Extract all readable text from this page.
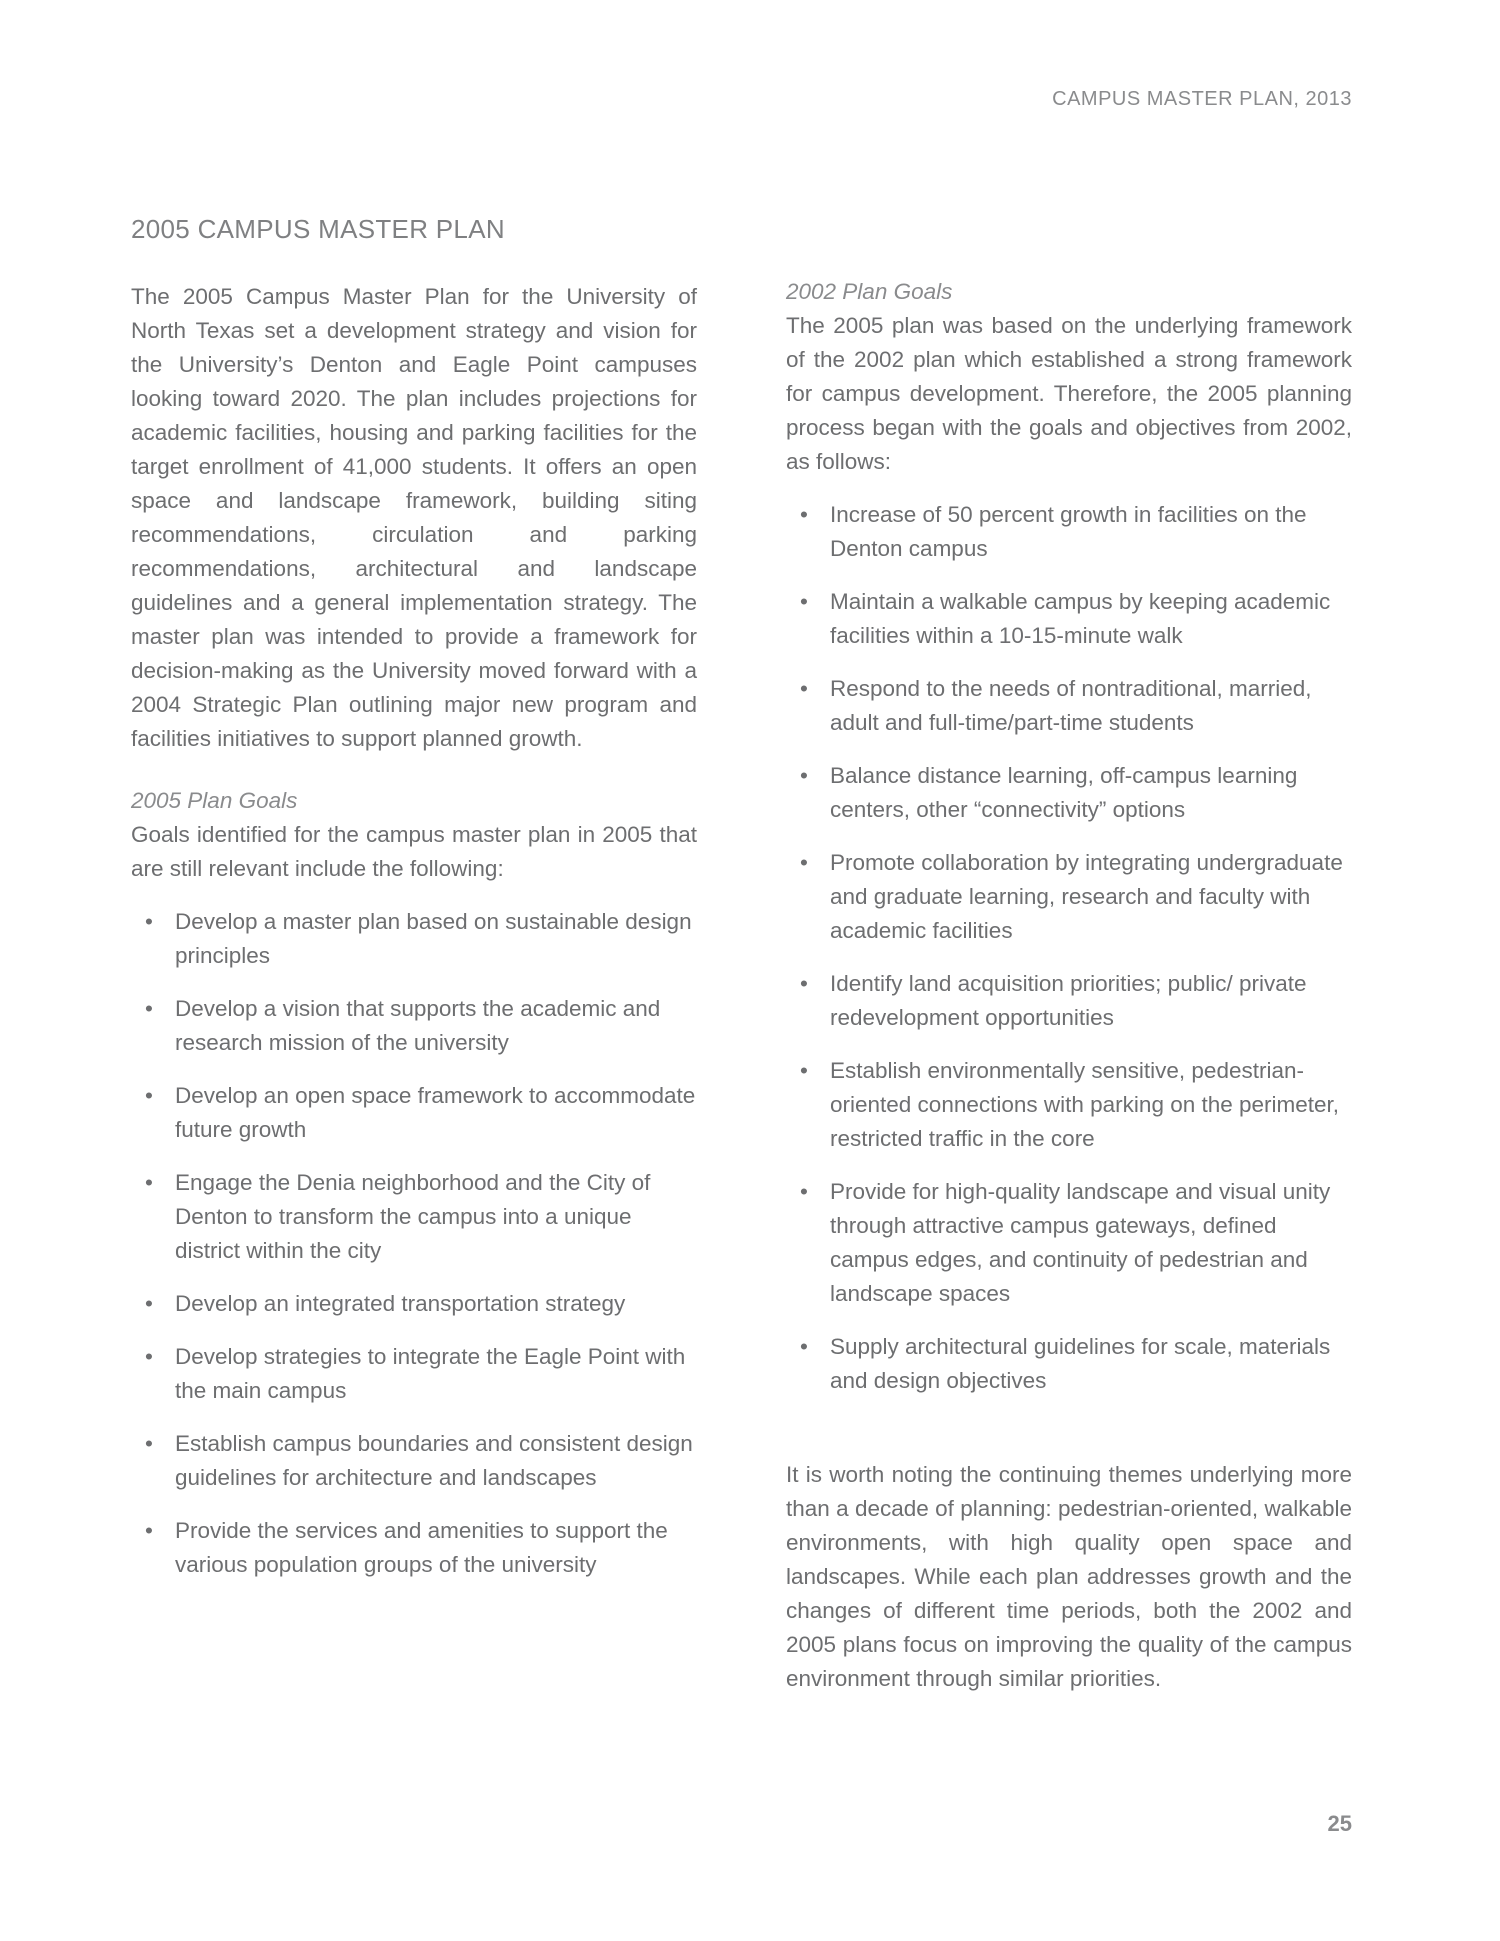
CAMPUS MASTER PLAN, 2013
2005 CAMPUS MASTER PLAN

The 2005 Campus Master Plan for the University of North Texas set a development strategy and vision for the University’s Denton and Eagle Point campuses looking toward 2020. The plan includes projections for academic facilities, housing and parking facilities for the target enrollment of 41,000 students. It offers an open space and landscape framework, building siting recommendations, circulation and parking recommendations, architectural and landscape guidelines and a general implementation strategy. The master plan was intended to provide a framework for decision-making as the University moved forward with a 2004 Strategic Plan outlining major new program and facilities initiatives to support planned growth.

2005 Plan Goals

Goals identified for the campus master plan in 2005 that are still relevant include the following:

• Develop a master plan based on sustainable design principles
• Develop a vision that supports the academic and research mission of the university
• Develop an open space framework to accommodate future growth
• Engage the Denia neighborhood and the City of Denton to transform the campus into a unique district within the city
• Develop an integrated transportation strategy
• Develop strategies to integrate the Eagle Point with the main campus
• Establish campus boundaries and consistent design guidelines for architecture and landscapes
• Provide the services and amenities to support the various population groups of the university

2002 Plan Goals

The 2005 plan was based on the underlying framework of the 2002 plan which established a strong framework for campus development. Therefore, the 2005 planning process began with the goals and objectives from 2002, as follows:

• Increase of 50 percent growth in facilities on the Denton campus
• Maintain a walkable campus by keeping academic facilities within a 10-15-minute walk
• Respond to the needs of nontraditional, married, adult and full-time/part-time students
• Balance distance learning, off-campus learning centers, other “connectivity” options
• Promote collaboration by integrating undergraduate and graduate learning, research and faculty with academic facilities
• Identify land acquisition priorities; public/ private redevelopment opportunities
• Establish environmentally sensitive, pedestrian-oriented connections with parking on the perimeter, restricted traffic in the core
• Provide for high-quality landscape and visual unity through attractive campus gateways, defined campus edges, and continuity of pedestrian and landscape spaces
• Supply architectural guidelines for scale, materials and design objectives

It is worth noting the continuing themes underlying more than a decade of planning: pedestrian-oriented, walkable environments, with high quality open space and landscapes. While each plan addresses growth and the changes of different time periods, both the 2002 and 2005 plans focus on improving the quality of the campus environment through similar priorities.

25
